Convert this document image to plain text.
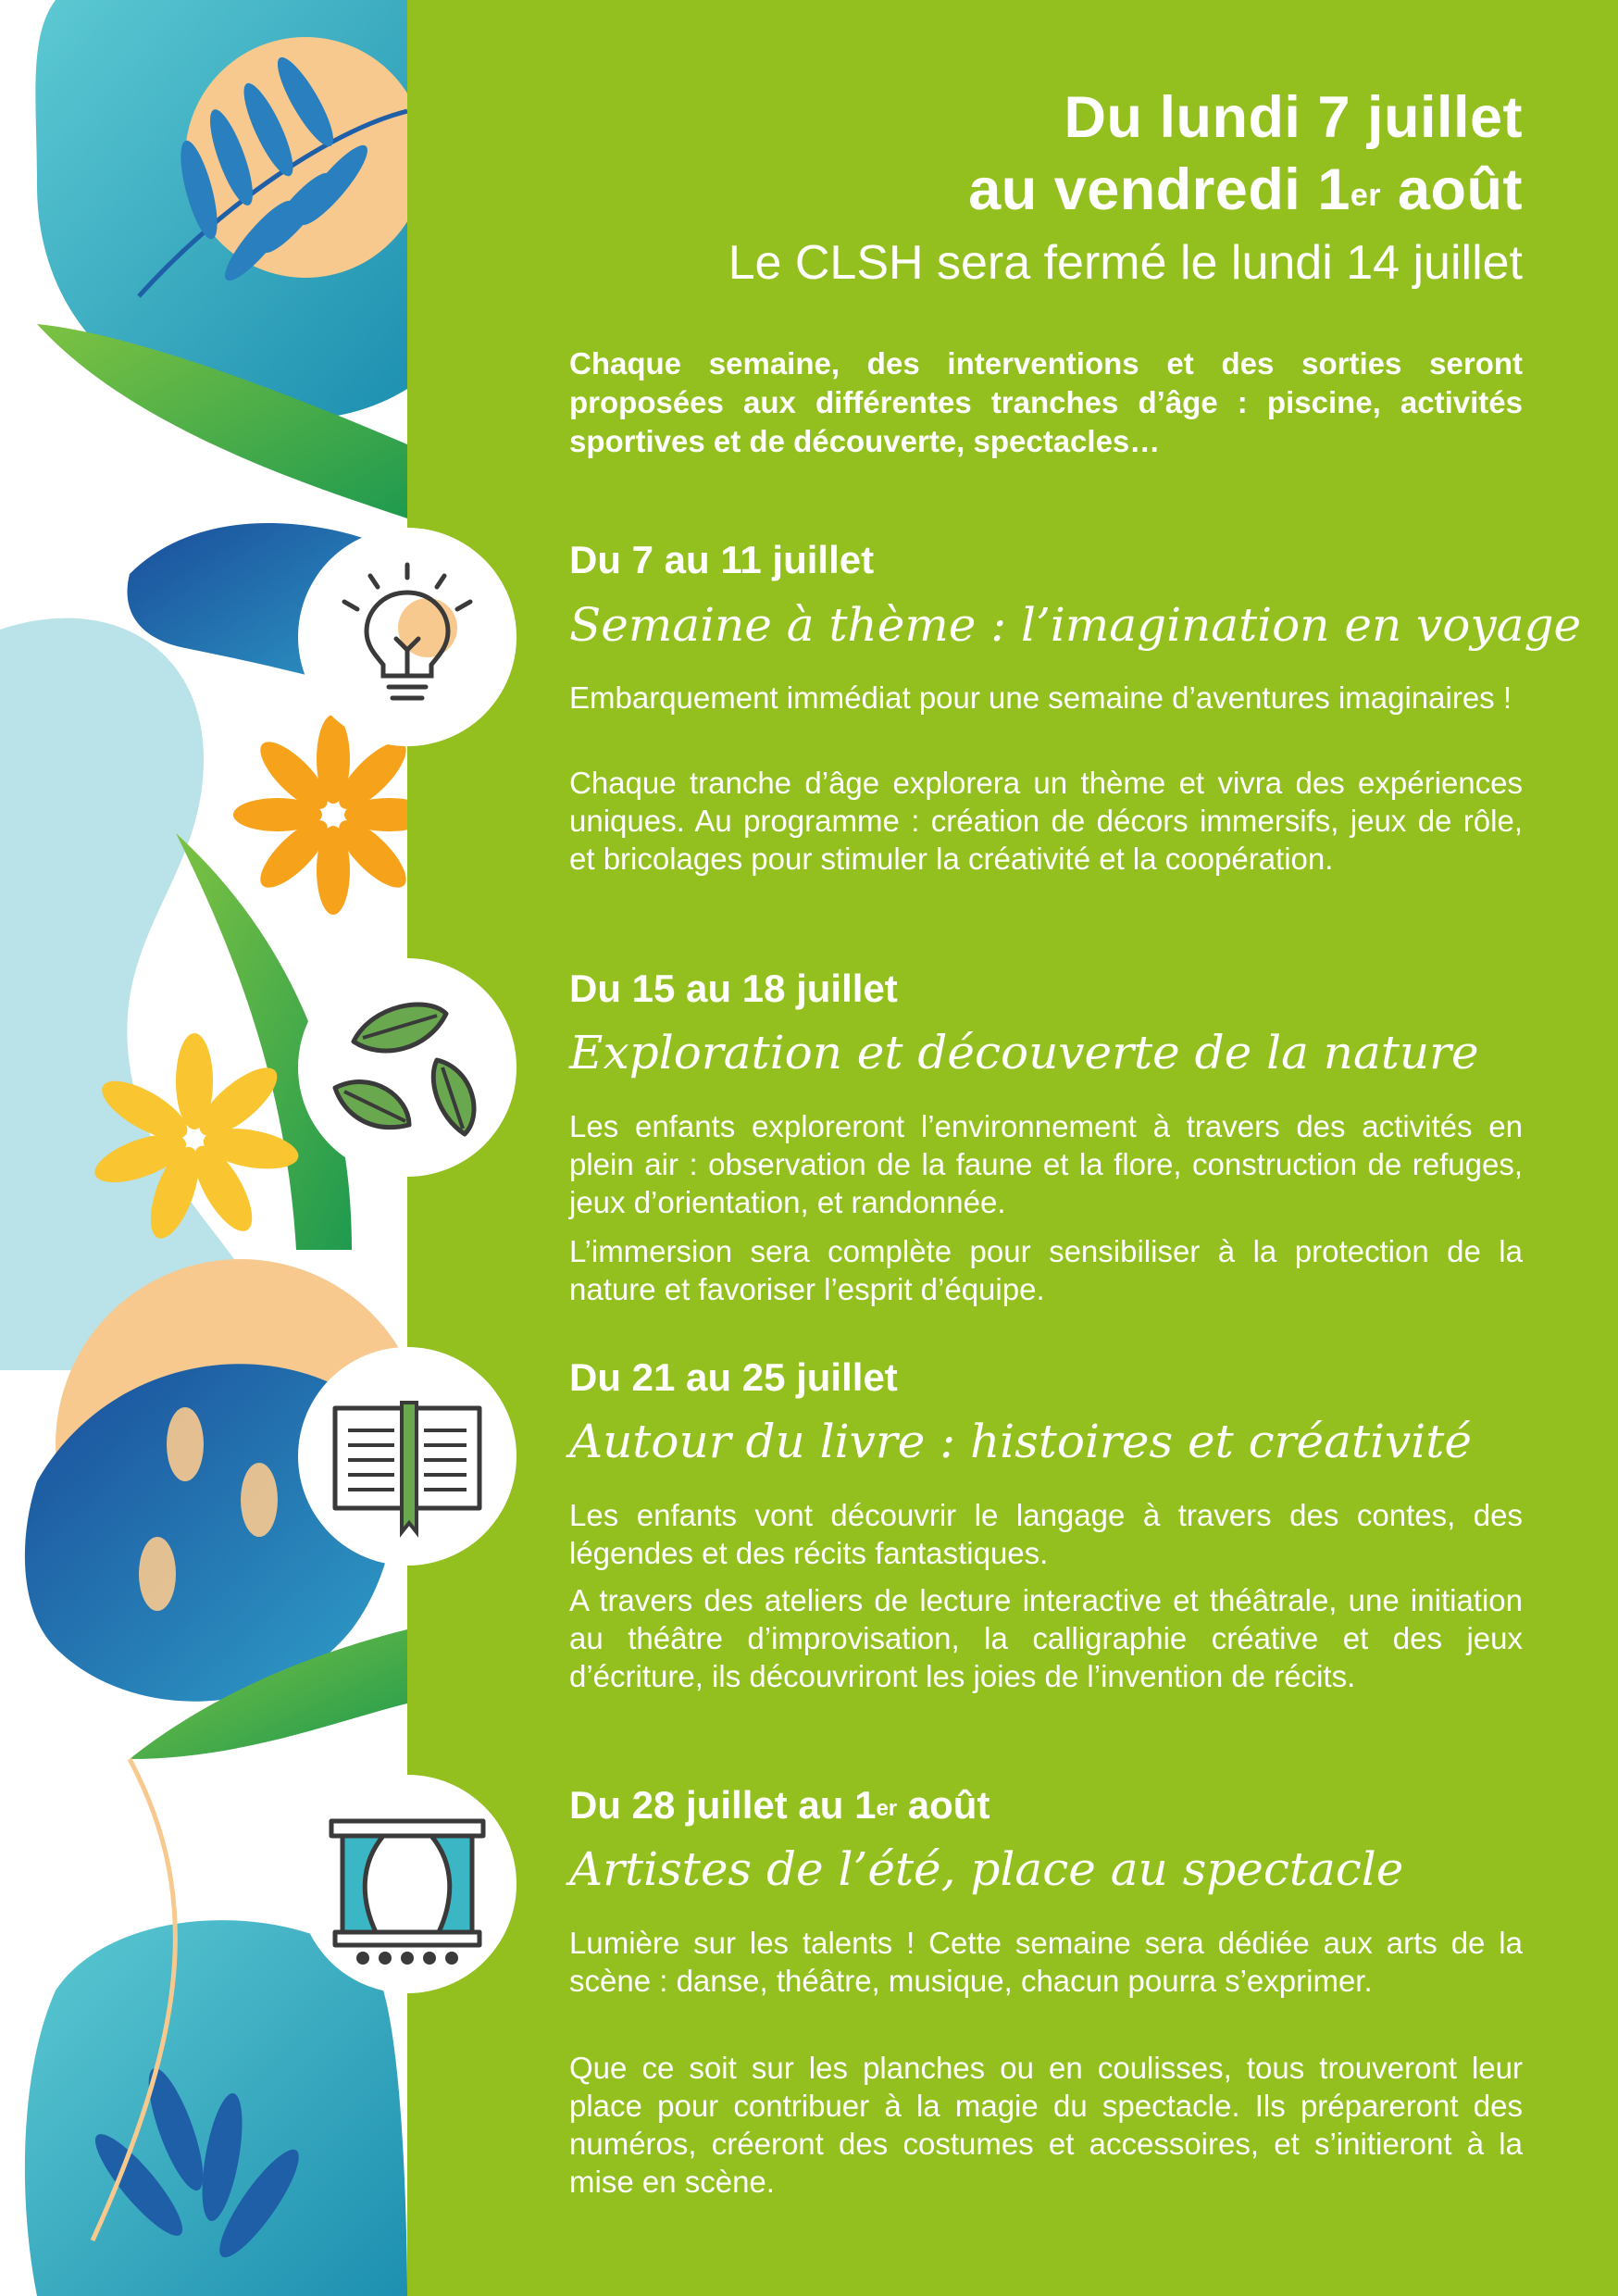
Du lundi 7 juillet
au vendredi 1er août
Le CLSH sera fermé le lundi 14 juillet
Chaque semaine, des interventions et des sorties seront proposées aux différentes tranches d’âge : piscine, activités sportives et de découverte, spectacles…
Du 7 au 11 juillet
Semaine à thème : l’imagination en voyage
Embarquement immédiat pour une semaine d’aventures imaginaires !
Chaque tranche d’âge explorera un thème et vivra des expériences uniques. Au programme : création de décors immersifs, jeux de rôle, et bricolages pour stimuler la créativité et la coopération.
Du 15 au 18 juillet
Exploration et découverte de la nature
Les enfants exploreront l’environnement à travers des activités en plein air : observation de la faune et la flore, construction de refuges, jeux d’orientation, et randonnée.
L’immersion sera complète pour sensibiliser à la protection de la nature et favoriser l’esprit d’équipe.
Du 21 au 25 juillet
Autour du livre : histoires et créativité
Les enfants vont découvrir le langage à travers des contes, des légendes et des récits fantastiques.
A travers des ateliers de lecture interactive et théâtrale, une initiation au théâtre d’improvisation, la calligraphie créative et des jeux d’écriture, ils découvriront les joies de l’invention de récits.
Du 28 juillet au 1er août
Artistes de l’été, place au spectacle
Lumière sur les talents ! Cette semaine sera dédiée aux arts de la scène : danse, théâtre, musique, chacun pourra s’exprimer.
Que ce soit sur les planches ou en coulisses, tous trouveront leur place pour contribuer à la magie du spectacle. Ils prépareront des numéros, créeront des costumes et accessoires, et s’initieront à la mise en scène.
